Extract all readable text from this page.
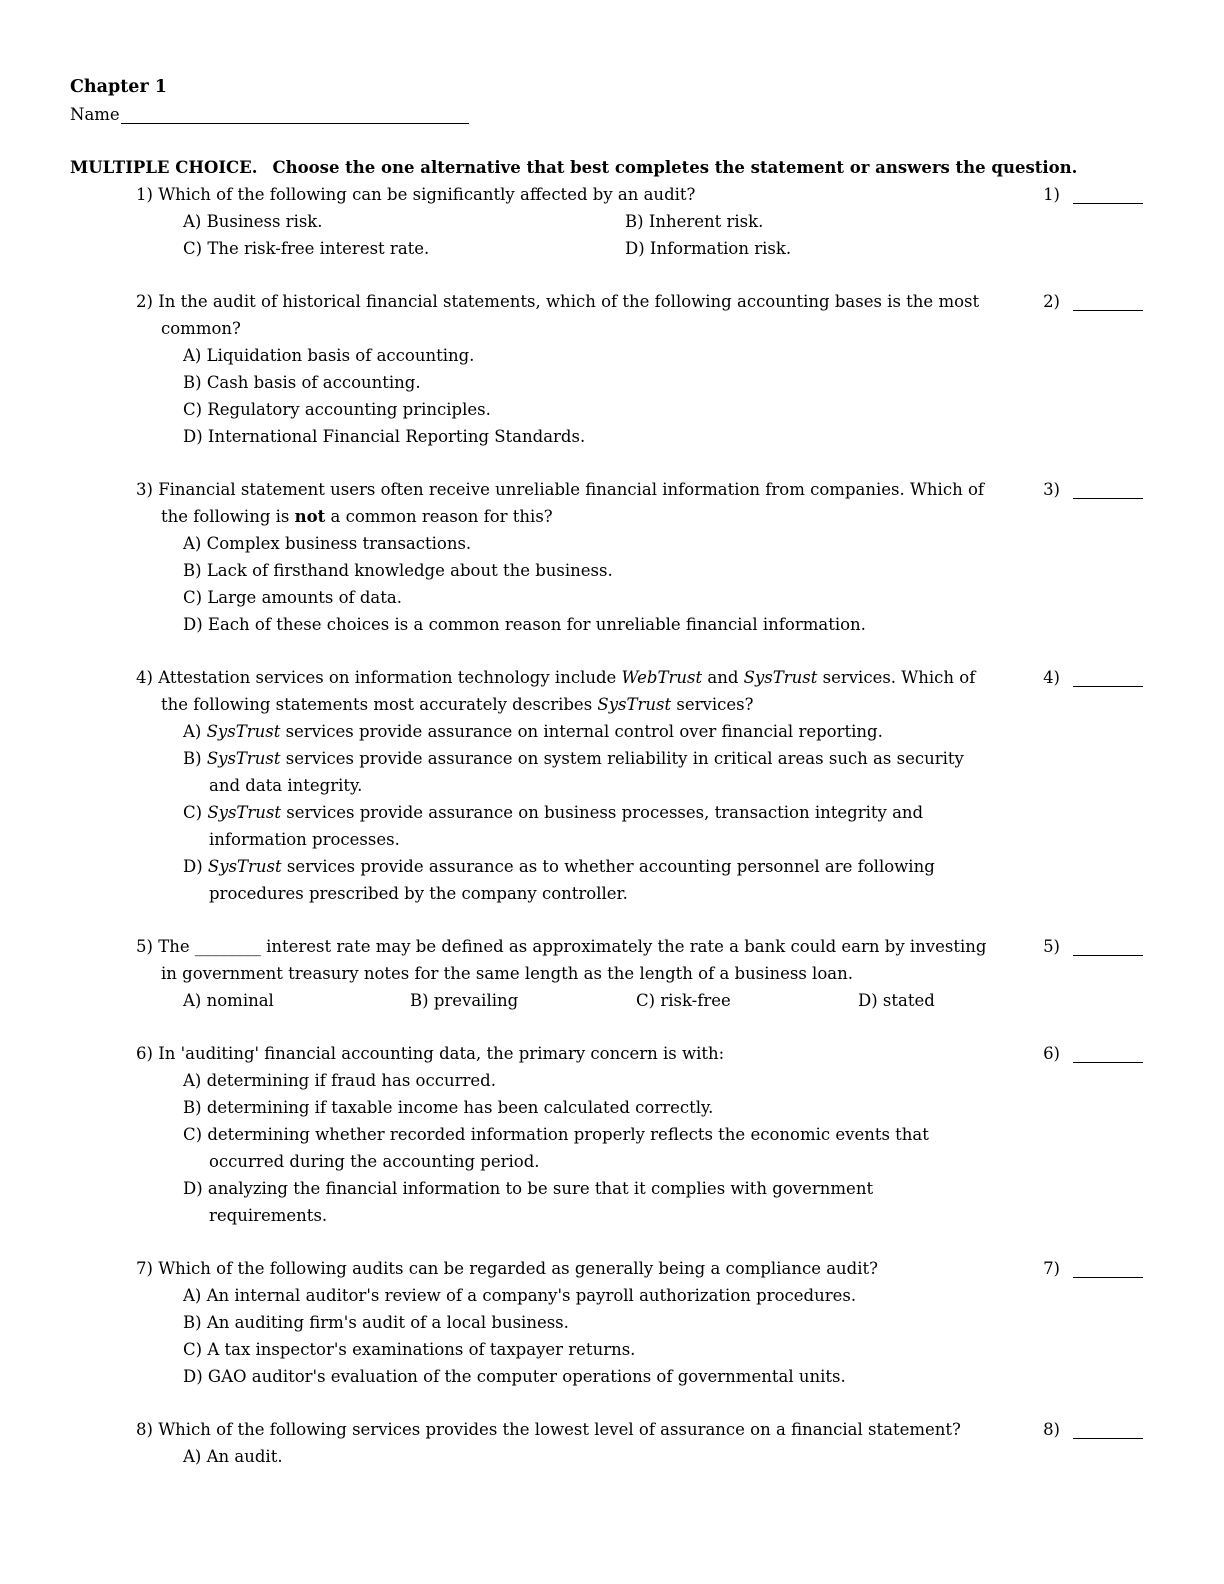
Chapter 1
Name
MULTIPLE CHOICE. Choose the one alternative that best completes the statement or answers the question.
1) Which of the following can be significantly affected by an audit?
A) Business risk.	B) Inherent risk.
C) The risk-free interest rate.	D) Information risk.
1)
2) In the audit of historical financial statements, which of the following accounting bases is the most common?
A) Liquidation basis of accounting.
B) Cash basis of accounting.
C) Regulatory accounting principles.
D) International Financial Reporting Standards.
2)
3) Financial statement users often receive unreliable financial information from companies. Which of the following is not a common reason for this?
A) Complex business transactions.
B) Lack of firsthand knowledge about the business.
C) Large amounts of data.
D) Each of these choices is a common reason for unreliable financial information.
3)
4) Attestation services on information technology include WebTrust and SysTrust services. Which of the following statements most accurately describes SysTrust services?
A) SysTrust services provide assurance on internal control over financial reporting.
B) SysTrust services provide assurance on system reliability in critical areas such as security and data integrity.
C) SysTrust services provide assurance on business processes, transaction integrity and information processes.
D) SysTrust services provide assurance as to whether accounting personnel are following procedures prescribed by the company controller.
4)
5) The ________ interest rate may be defined as approximately the rate a bank could earn by investing in government treasury notes for the same length as the length of a business loan.
A) nominal	B) prevailing	C) risk-free	D) stated
5)
6) In 'auditing' financial accounting data, the primary concern is with:
A) determining if fraud has occurred.
B) determining if taxable income has been calculated correctly.
C) determining whether recorded information properly reflects the economic events that occurred during the accounting period.
D) analyzing the financial information to be sure that it complies with government requirements.
6)
7) Which of the following audits can be regarded as generally being a compliance audit?
A) An internal auditor's review of a company's payroll authorization procedures.
B) An auditing firm's audit of a local business.
C) A tax inspector's examinations of taxpayer returns.
D) GAO auditor's evaluation of the computer operations of governmental units.
7)
8) Which of the following services provides the lowest level of assurance on a financial statement?
A) An audit.
8)
